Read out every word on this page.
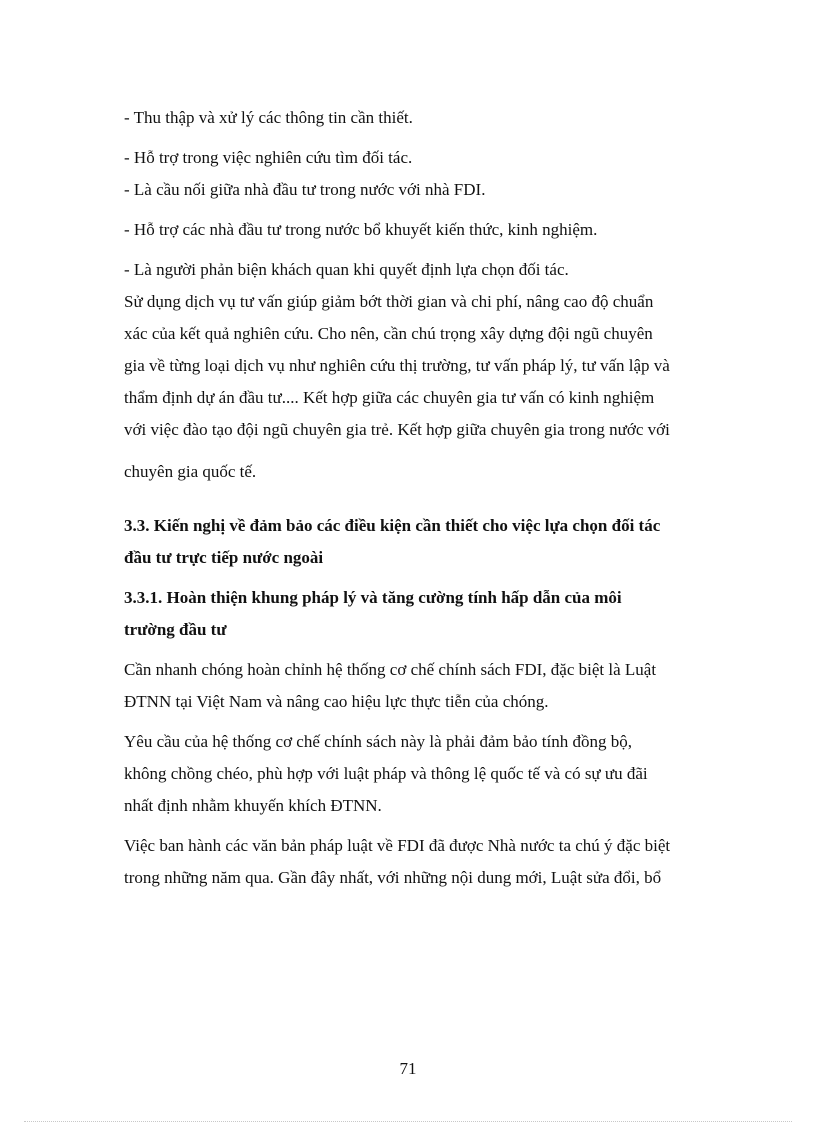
- Thu thập và xử lý các thông tin cần thiết.
- Hỗ trợ trong việc nghiên cứu tìm đối tác.
- Là cầu nối giữa nhà đầu tư trong nước với nhà FDI.
- Hỗ trợ các nhà đầu tư trong nước bổ khuyết kiến thức, kinh nghiệm.
- Là người phản biện khách quan khi quyết định lựa chọn đối tác.
Sử dụng dịch vụ tư vấn giúp giảm bớt thời gian và chi phí, nâng cao độ chuẩn
xác của kết quả nghiên cứu. Cho nên, cần chú trọng xây dựng đội ngũ chuyên
gia về từng loại dịch vụ như nghiên cứu thị trường, tư vấn pháp lý, tư vấn lập và
thẩm định dự án đầu tư.... Kết hợp giữa các chuyên gia tư vấn có kinh nghiệm
với việc đào tạo đội ngũ chuyên gia trẻ. Kết hợp giữa chuyên gia trong nước với
chuyên gia quốc tế.
3.3. Kiến nghị về đảm bảo các điều kiện cần thiết cho việc lựa chọn đối tác
đầu tư trực tiếp nước ngoài
3.3.1. Hoàn thiện khung pháp lý và tăng cường tính hấp dẫn của môi
trường đầu tư
Cần nhanh chóng hoàn chỉnh hệ thống cơ chế chính sách FDI, đặc biệt là Luật
ĐTNN tại Việt Nam và nâng cao hiệu lực thực tiễn của chóng.
Yêu cầu của hệ thống cơ chế chính sách này là phải đảm bảo tính đồng bộ,
không chồng chéo, phù hợp với luật pháp và thông lệ quốc tế và có sự ưu đãi
nhất định nhằm khuyến khích ĐTNN.
Việc ban hành các văn bản pháp luật về FDI đã được Nhà nước ta chú ý đặc biệt
trong những năm qua. Gần đây nhất, với những nội dung mới, Luật sửa đổi, bổ
71
